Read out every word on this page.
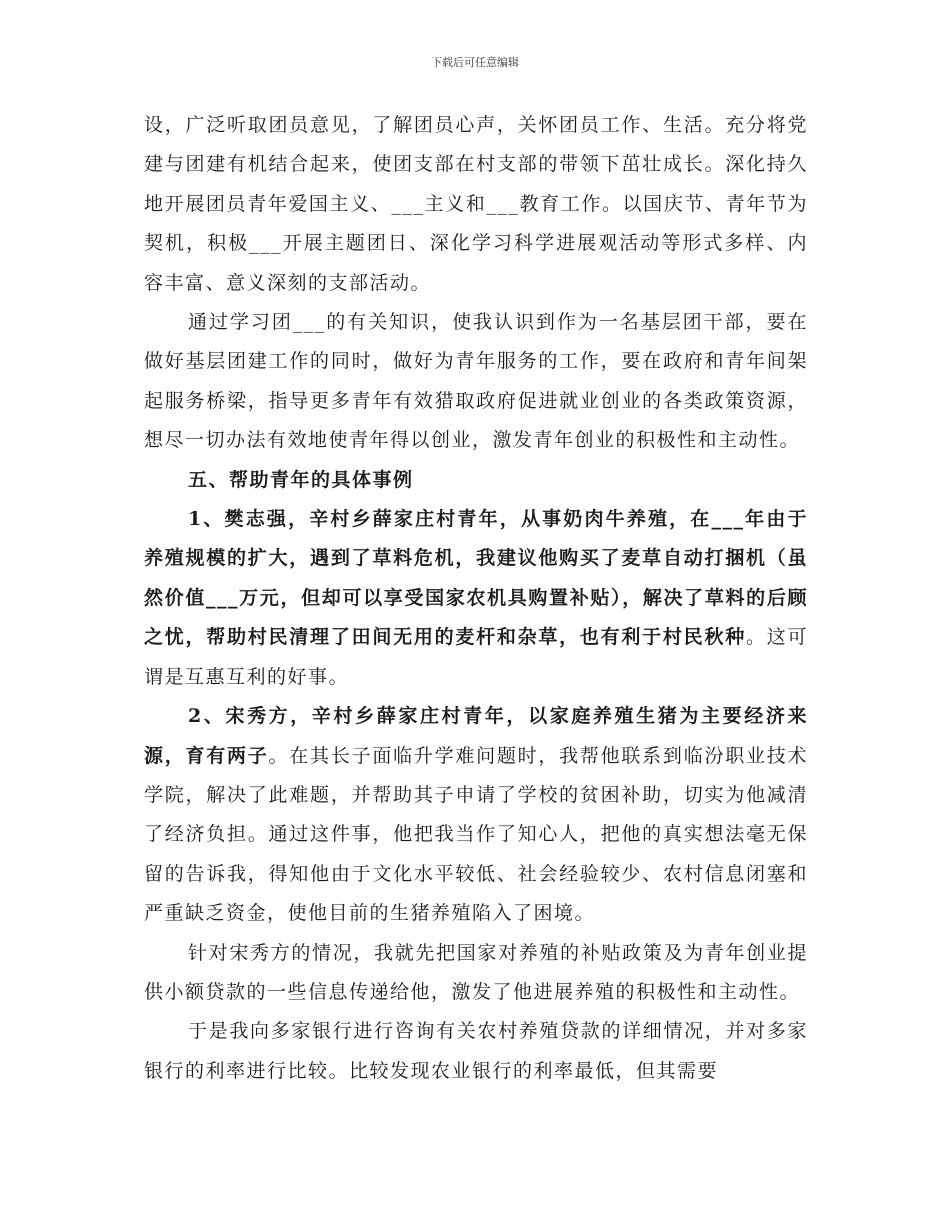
下载后可任意编辑

设，广泛听取团员意见，了解团员心声，关怀团员工作、生活。充分将党建与团建有机结合起来，使团支部在村支部的带领下茁壮成长。深化持久地开展团员青年爱国主义、___主义和___教育工作。以国庆节、青年节为契机，积极___开展主题团日、深化学习科学进展观活动等形式多样、内容丰富、意义深刻的支部活动。

通过学习团___的有关知识，使我认识到作为一名基层团干部，要在做好基层团建工作的同时，做好为青年服务的工作，要在政府和青年间架起服务桥梁，指导更多青年有效猎取政府促进就业创业的各类政策资源，想尽一切办法有效地使青年得以创业，激发青年创业的积极性和主动性。

五、帮助青年的具体事例

1、樊志强，辛村乡薛家庄村青年，从事奶肉牛养殖，在___年由于养殖规模的扩大，遇到了草料危机，我建议他购买了麦草自动打捆机（虽然价值___万元，但却可以享受国家农机具购置补贴），解决了草料的后顾之忧，帮助村民清理了田间无用的麦杆和杂草，也有利于村民秋种。这可谓是互惠互利的好事。

2、宋秀方，辛村乡薛家庄村青年，以家庭养殖生猪为主要经济来源，育有两子。在其长子面临升学难问题时，我帮他联系到临汾职业技术学院，解决了此难题，并帮助其子申请了学校的贫困补助，切实为他减清了经济负担。通过这件事，他把我当作了知心人，把他的真实想法毫无保留的告诉我，得知他由于文化水平较低、社会经验较少、农村信息闭塞和严重缺乏资金，使他目前的生猪养殖陷入了困境。

针对宋秀方的情况，我就先把国家对养殖的补贴政策及为青年创业提供小额贷款的一些信息传递给他，激发了他进展养殖的积极性和主动性。

于是我向多家银行进行咨询有关农村养殖贷款的详细情况，并对多家银行的利率进行比较。比较发现农业银行的利率最低，但其需要
